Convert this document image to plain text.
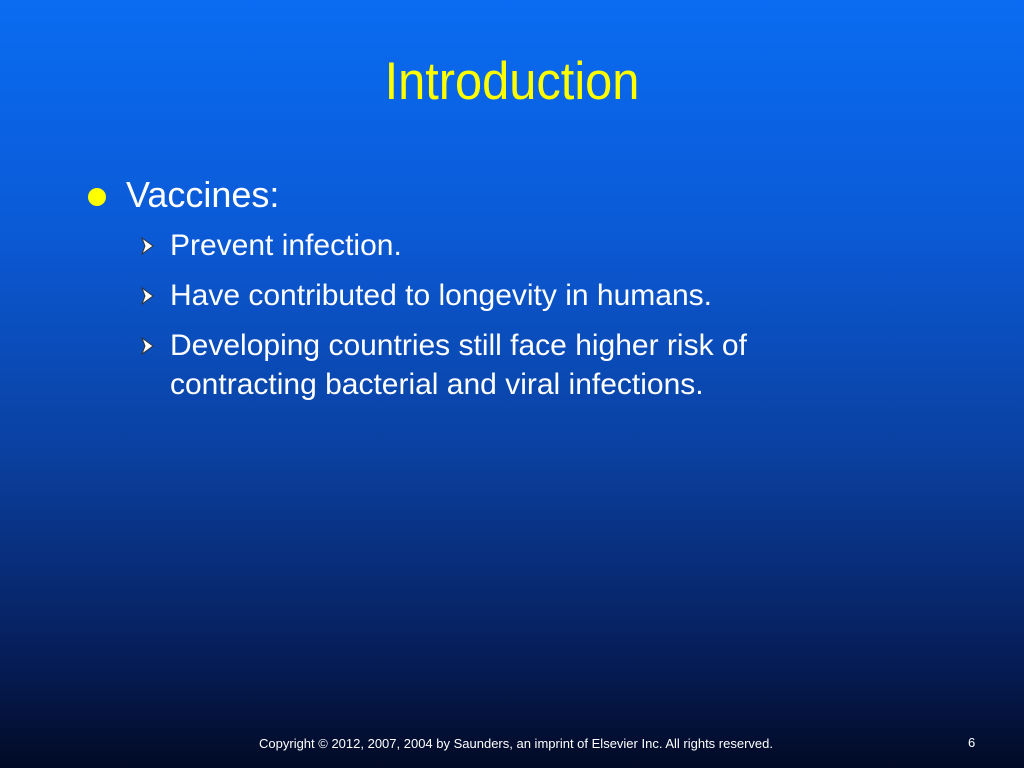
Introduction
Vaccines:
Prevent infection.
Have contributed to longevity in humans.
Developing countries still face higher risk of contracting bacterial and viral infections.
Copyright © 2012, 2007, 2004 by Saunders, an imprint of Elsevier Inc. All rights reserved.	6
